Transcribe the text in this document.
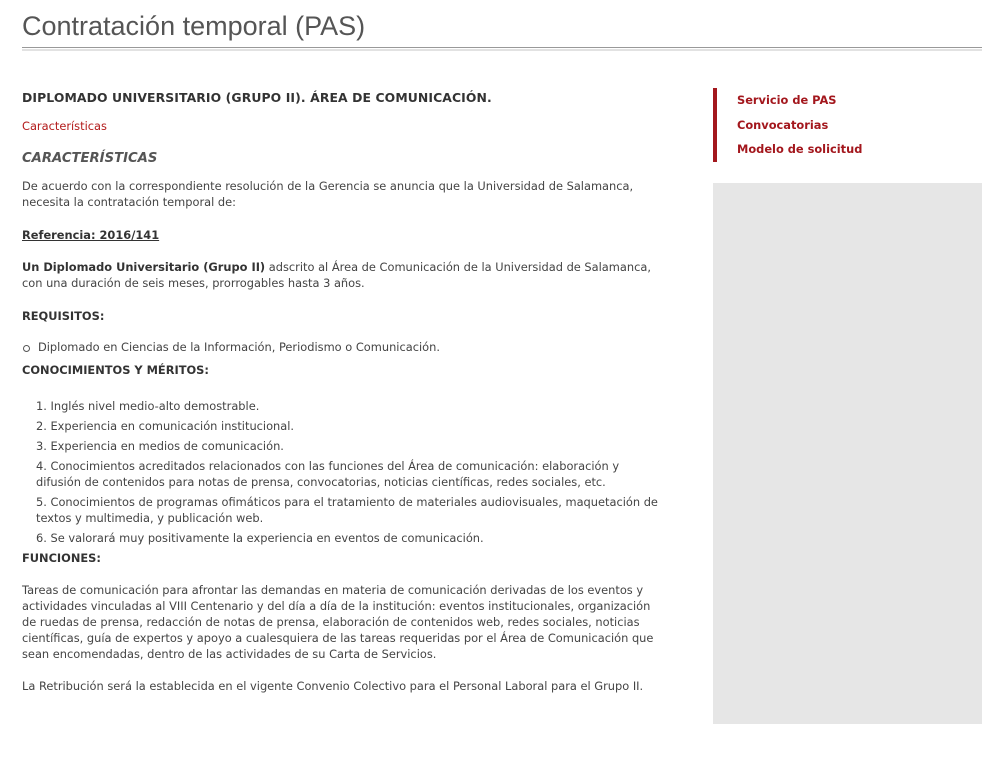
Contratación temporal (PAS)
DIPLOMADO UNIVERSITARIO (GRUPO II). ÁREA DE COMUNICACIÓN.
Características
CARACTERÍSTICAS

De acuerdo con la correspondiente resolución de la Gerencia se anuncia que la Universidad de Salamanca, necesita la contratación temporal de:

Referencia: 2016/141

Un Diplomado Universitario (Grupo II) adscrito al Área de Comunicación de la Universidad de Salamanca, con una duración de seis meses, prorrogables hasta 3 años.

REQUISITOS:

Diplomado en Ciencias de la Información, Periodismo o Comunicación.

CONOCIMIENTOS Y MÉRITOS:

1. Inglés nivel medio-alto demostrable.
2. Experiencia en comunicación institucional.
3. Experiencia en medios de comunicación.
4. Conocimientos acreditados relacionados con las funciones del Área de comunicación: elaboración y difusión de contenidos para notas de prensa, convocatorias, noticias científicas, redes sociales, etc.
5. Conocimientos de programas ofimáticos para el tratamiento de materiales audiovisuales, maquetación de textos y multimedia, y publicación web.
6. Se valorará muy positivamente la experiencia en eventos de comunicación.

FUNCIONES:

Tareas de comunicación para afrontar las demandas en materia de comunicación derivadas de los eventos y actividades vinculadas al VIII Centenario y del día a día de la institución: eventos institucionales, organización de ruedas de prensa, redacción de notas de prensa, elaboración de contenidos web, redes sociales, noticias científicas, guía de expertos y apoyo a cualesquiera de las tareas requeridas por el Área de Comunicación que sean encomendadas, dentro de las actividades de su Carta de Servicios.

La Retribución será la establecida en el vigente Convenio Colectivo para el Personal Laboral para el Grupo II.

Servicio de PAS
Convocatorias
Modelo de solicitud
